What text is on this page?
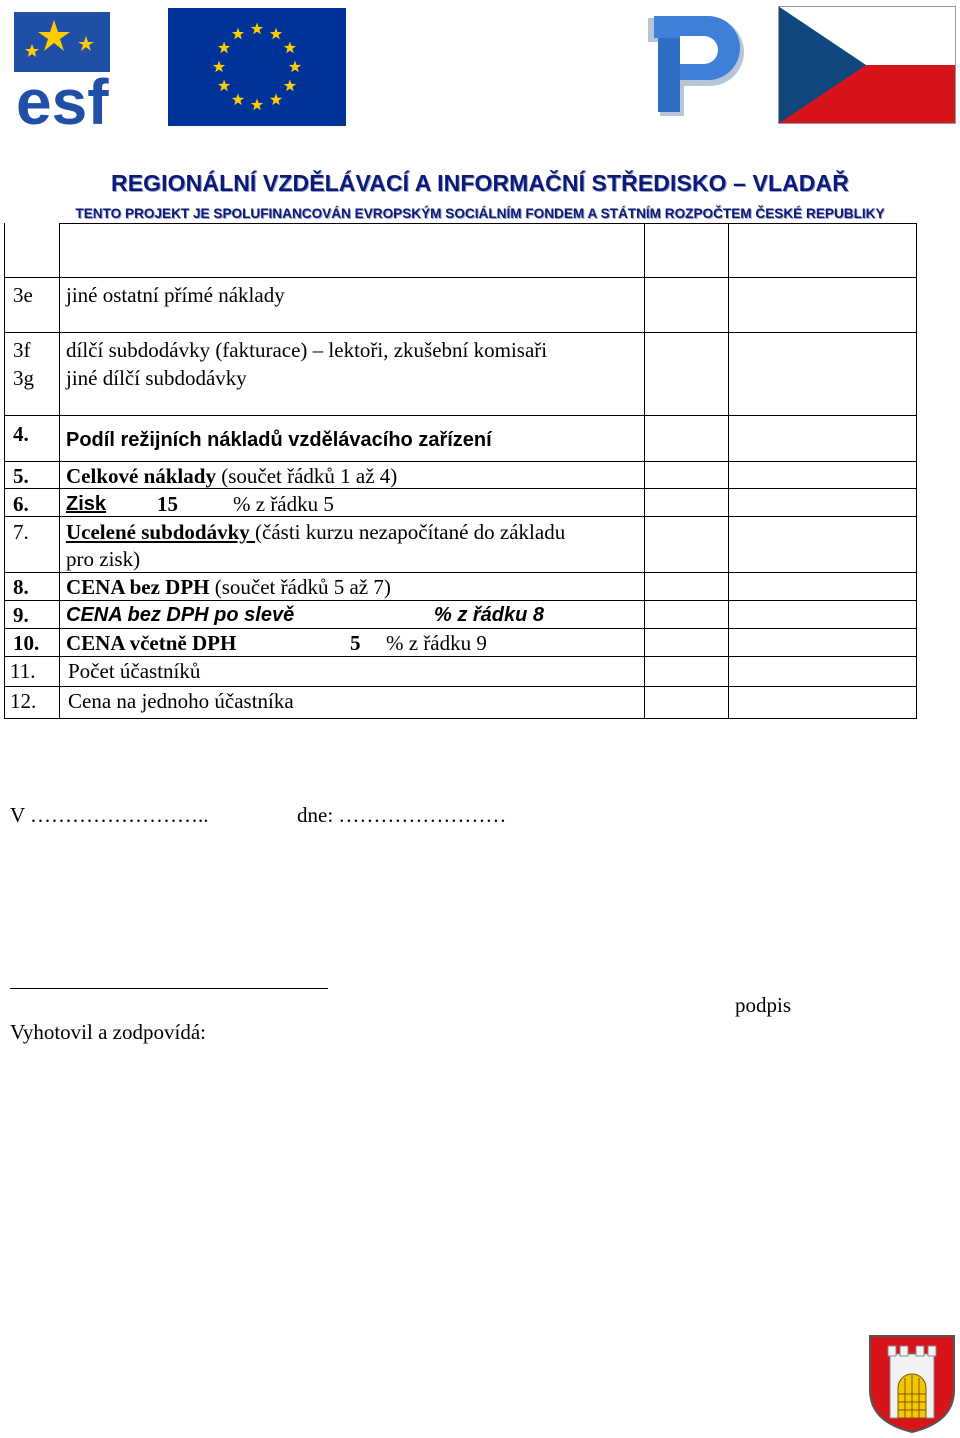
esf
REGIONÁLNÍ VZDĚLÁVACÍ A INFORMAČNÍ STŘEDISKO – VLADAŘ
TENTO PROJEKT JE SPOLUFINANCOVÁN EVROPSKÝM SOCIÁLNÍM FONDEM A STÁTNÍM ROZPOČTEM ČESKÉ REPUBLIKY
3e jiné ostatní přímé náklady
3f dílčí subdodávky (fakturace) – lektoři, zkušební komisaři
3g jiné dílčí subdodávky
4. Podíl režijních nákladů vzdělávacího zařízení
5. Celkové náklady (součet řádků 1 až 4)
6. Zisk 15	% z řádku 5
7. Ucelené subdodávky (části kurzu nezapočítané do základu
pro zisk)
8. CENA bez DPH (součet řádků 5 až 7)
9. CENA bez DPH po slevě	% z řádku 8
10. CENA včetně DPH	5 % z řádku 9
11. Počet účastníků
12. Cena na jednoho účastníka
V ……………………..	dne: ……………………
podpis
Vyhotovil a zodpovídá:
